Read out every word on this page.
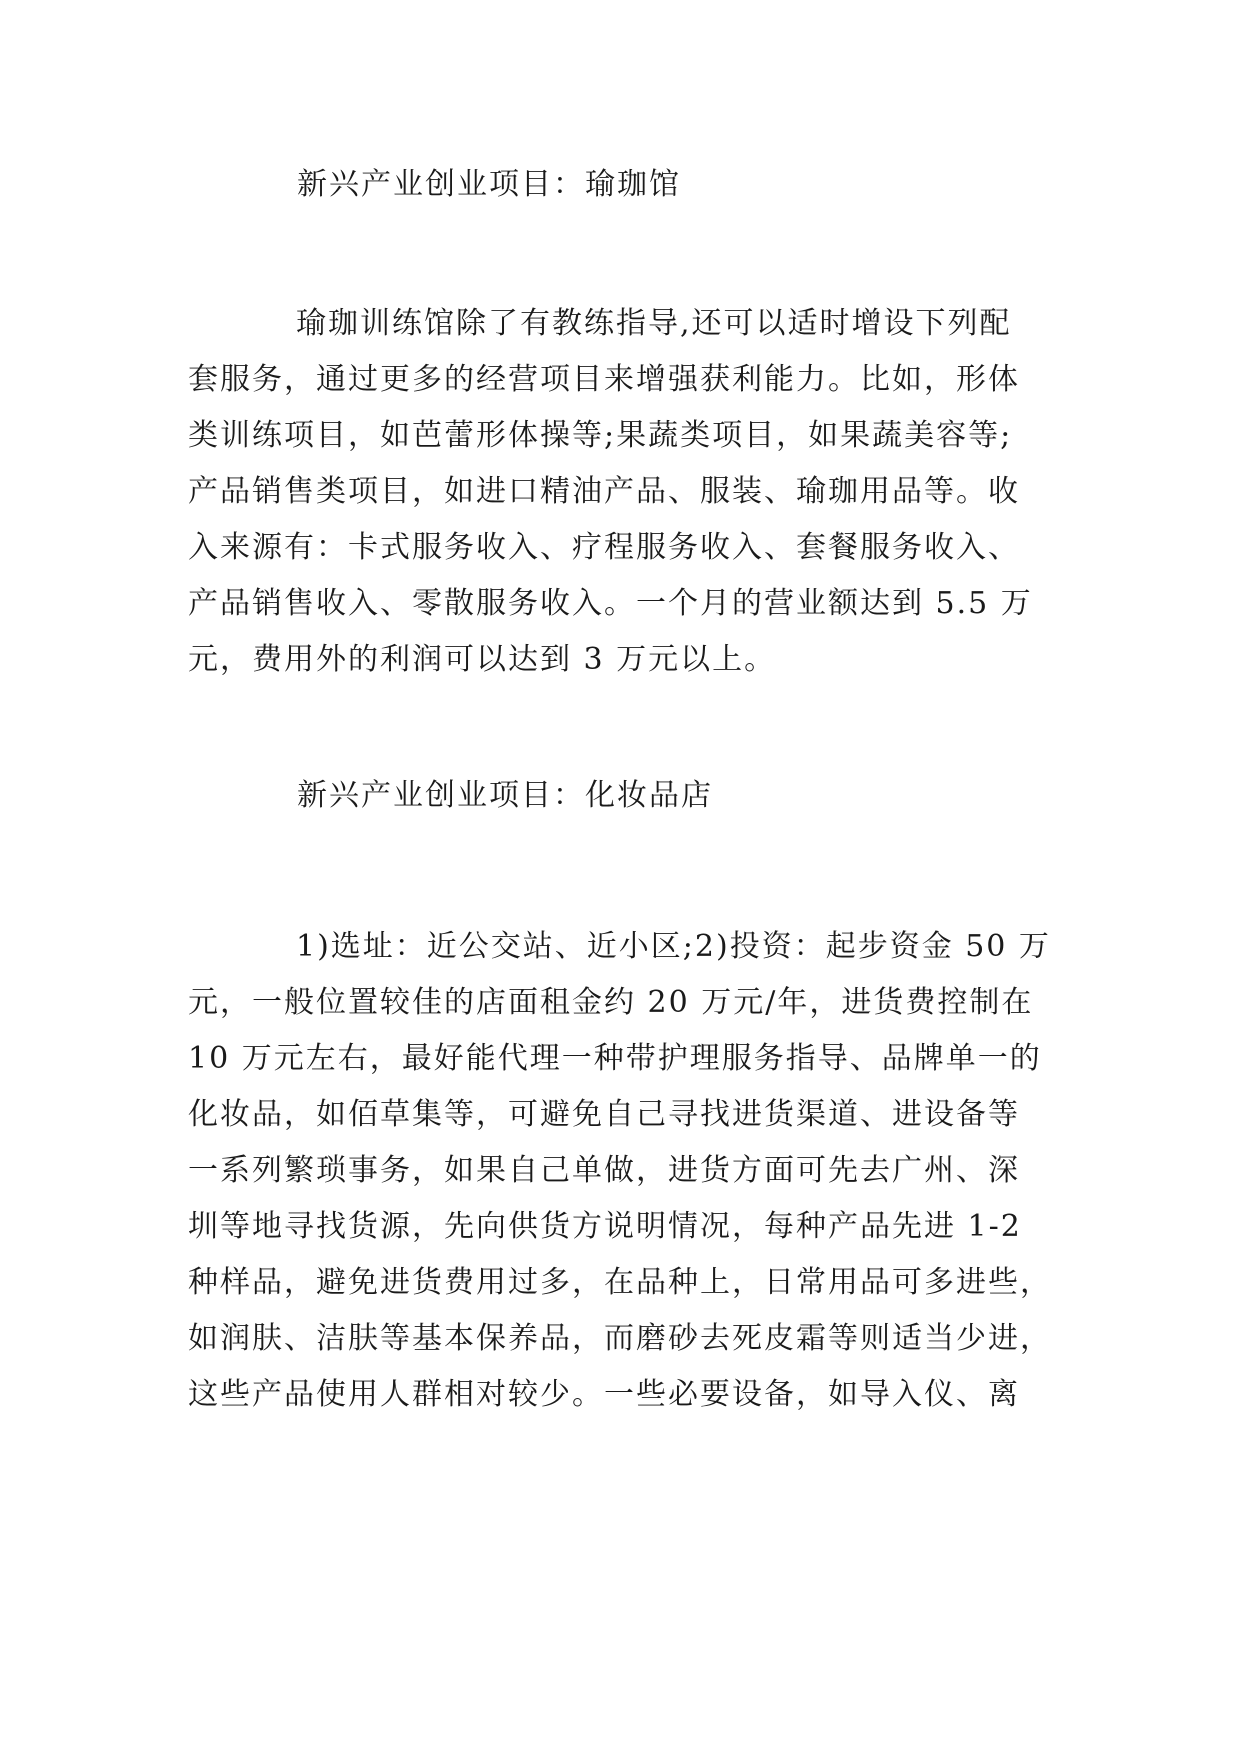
新兴产业创业项目：瑜珈馆
瑜珈训练馆除了有教练指导,还可以适时增设下列配
套服务，通过更多的经营项目来增强获利能力。比如，形体
类训练项目，如芭蕾形体操等;果蔬类项目，如果蔬美容等;
产品销售类项目，如进口精油产品、服装、瑜珈用品等。收
入来源有：卡式服务收入、疗程服务收入、套餐服务收入、
产品销售收入、零散服务收入。一个月的营业额达到 5.5 万
元，费用外的利润可以达到 3 万元以上。
新兴产业创业项目：化妆品店
1)选址：近公交站、近小区;2)投资：起步资金 50 万
元，一般位置较佳的店面租金约 20 万元/年，进货费控制在
10 万元左右，最好能代理一种带护理服务指导、品牌单一的
化妆品，如佰草集等，可避免自己寻找进货渠道、进设备等
一系列繁琐事务，如果自己单做，进货方面可先去广州、深
圳等地寻找货源，先向供货方说明情况，每种产品先进 1-2
种样品，避免进货费用过多，在品种上，日常用品可多进些，
如润肤、洁肤等基本保养品，而磨砂去死皮霜等则适当少进，
这些产品使用人群相对较少。一些必要设备，如导入仪、离
